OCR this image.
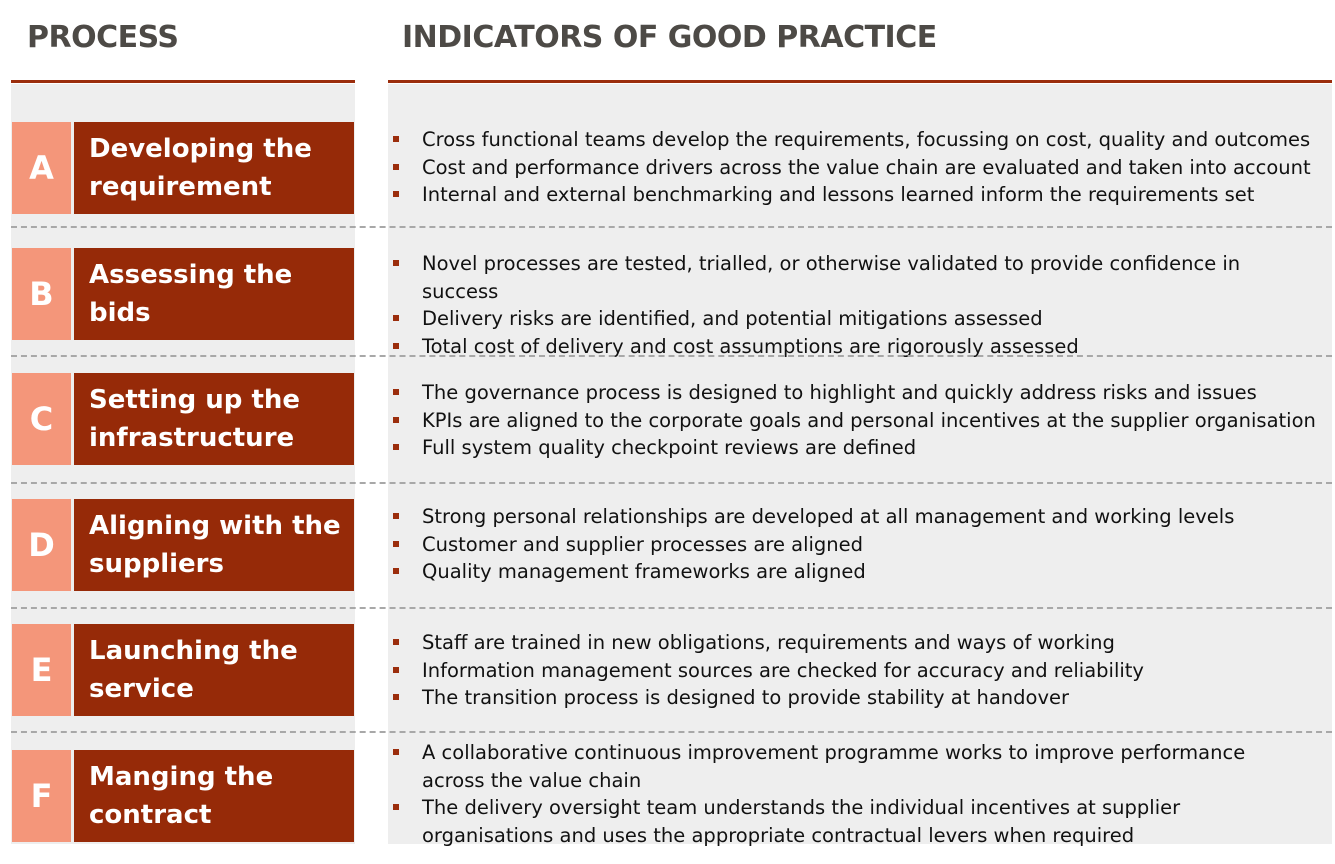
PROCESS	INDICATORS OF GOOD PRACTICE
A	Developing the requirement
Cross functional teams develop the requirements, focussing on cost, quality and outcomes
Cost and performance drivers across the value chain are evaluated and taken into account
Internal and external benchmarking and lessons learned inform the requirements set
B	Assessing the bids
Novel processes are tested, trialled, or otherwise validated to provide confidence in success
Delivery risks are identified, and potential mitigations assessed
Total cost of delivery and cost assumptions are rigorously assessed
C	Setting up the infrastructure
The governance process is designed to highlight and quickly address risks and issues
KPIs are aligned to the corporate goals and personal incentives at the supplier organisation
Full system quality checkpoint reviews are defined
D	Aligning with the suppliers
Strong personal relationships are developed at all management and working levels
Customer and supplier processes are aligned
Quality management frameworks are aligned
E	Launching the service
Staff are trained in new obligations, requirements and ways of working
Information management sources are checked for accuracy and reliability
The transition process is designed to provide stability at handover
F	Manging the contract
A collaborative continuous improvement programme works to improve performance across the value chain
The delivery oversight team understands the individual incentives at supplier organisations and uses the appropriate contractual levers when required
